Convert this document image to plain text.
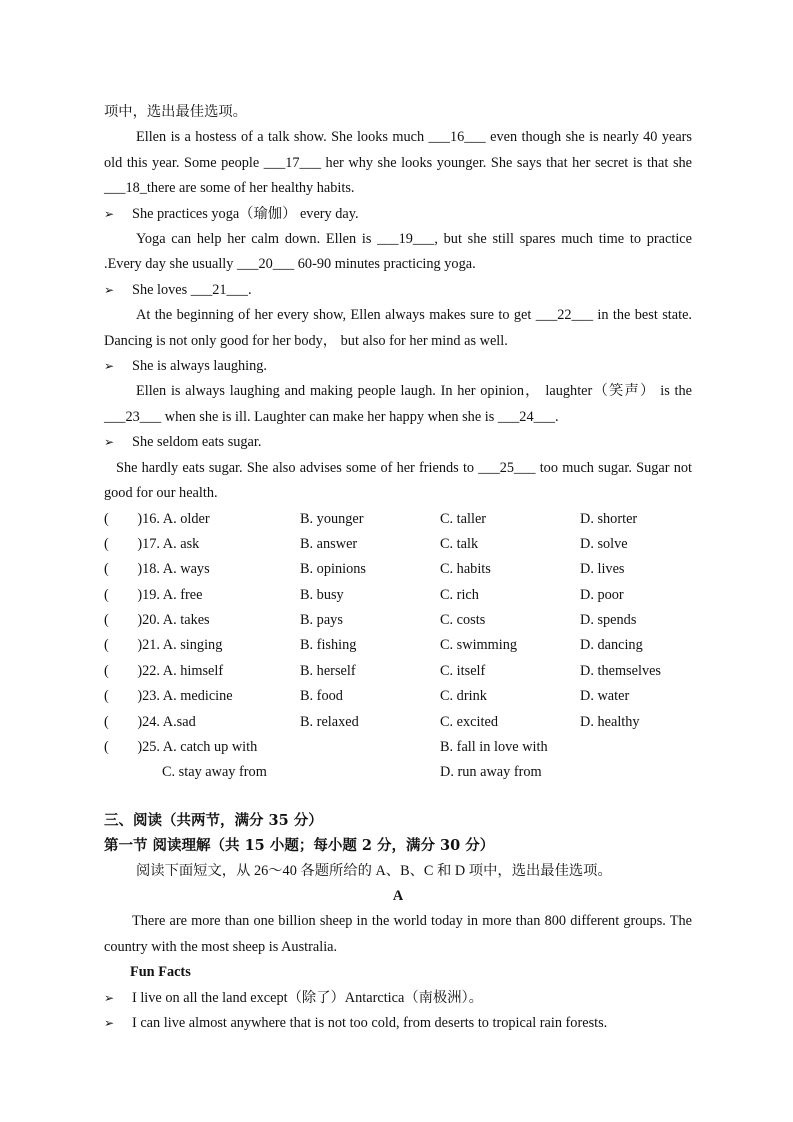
项中，选出最佳选项。

Ellen is a hostess of a talk show. She looks much ___16___ even though she is nearly 40 years old this year. Some people ___17___ her why she looks younger. She says that her secret is that she ___18_there are some of her healthy habits.

➢	She practices yoga（瑜伽） every day.

Yoga can help her calm down. Ellen is ___19___, but she still spares much time to practice .Every day she usually ___20___ 60-90 minutes practicing yoga.

➢	She loves ___21___.

At the beginning of her every show, Ellen always makes sure to get ___22___ in the best state. Dancing is not only good for her body， but also for her mind as well.

➢	She is always laughing.

Ellen is always laughing and making people laugh. In her opinion， laughter（笑声） is the ___23___ when she is ill. Laughter can make her happy when she is ___24___.

➢	She seldom eats sugar.

She hardly eats sugar. She also advises some of her friends to ___25___ too much sugar. Sugar not good for our health.

(　　)16. A. older	B. younger	C. taller	D. shorter
(　　)17. A. ask	B. answer	C. talk	D. solve
(　　)18. A. ways	B. opinions	C. habits	D. lives
(　　)19. A. free	B. busy	C. rich	D. poor
(　　)20. A. takes	B. pays	C. costs	D. spends
(　　)21. A. singing	B. fishing	C. swimming	D. dancing
(　　)22. A. himself	B. herself	C. itself	D. themselves
(　　)23. A. medicine	B. food	C. drink	D. water
(　　)24. A.sad	B. relaxed	C. excited	D. healthy
(　　)25. A. catch up with	B. fall in love with
C. stay away from	D. run away from

三、阅读（共两节，满分 35 分）

第一节 阅读理解（共 15 小题；每小题 2 分，满分 30 分）

阅读下面短文，从 26～40 各题所给的 A、B、C 和 D 项中，选出最佳选项。

A

There are more than one billion sheep in the world today in more than 800 different groups. The country with the most sheep is Australia.

Fun Facts

➢	I live on all the land except（除了）Antarctica（南极洲）。
➢	I can live almost anywhere that is not too cold, from deserts to tropical rain forests.
